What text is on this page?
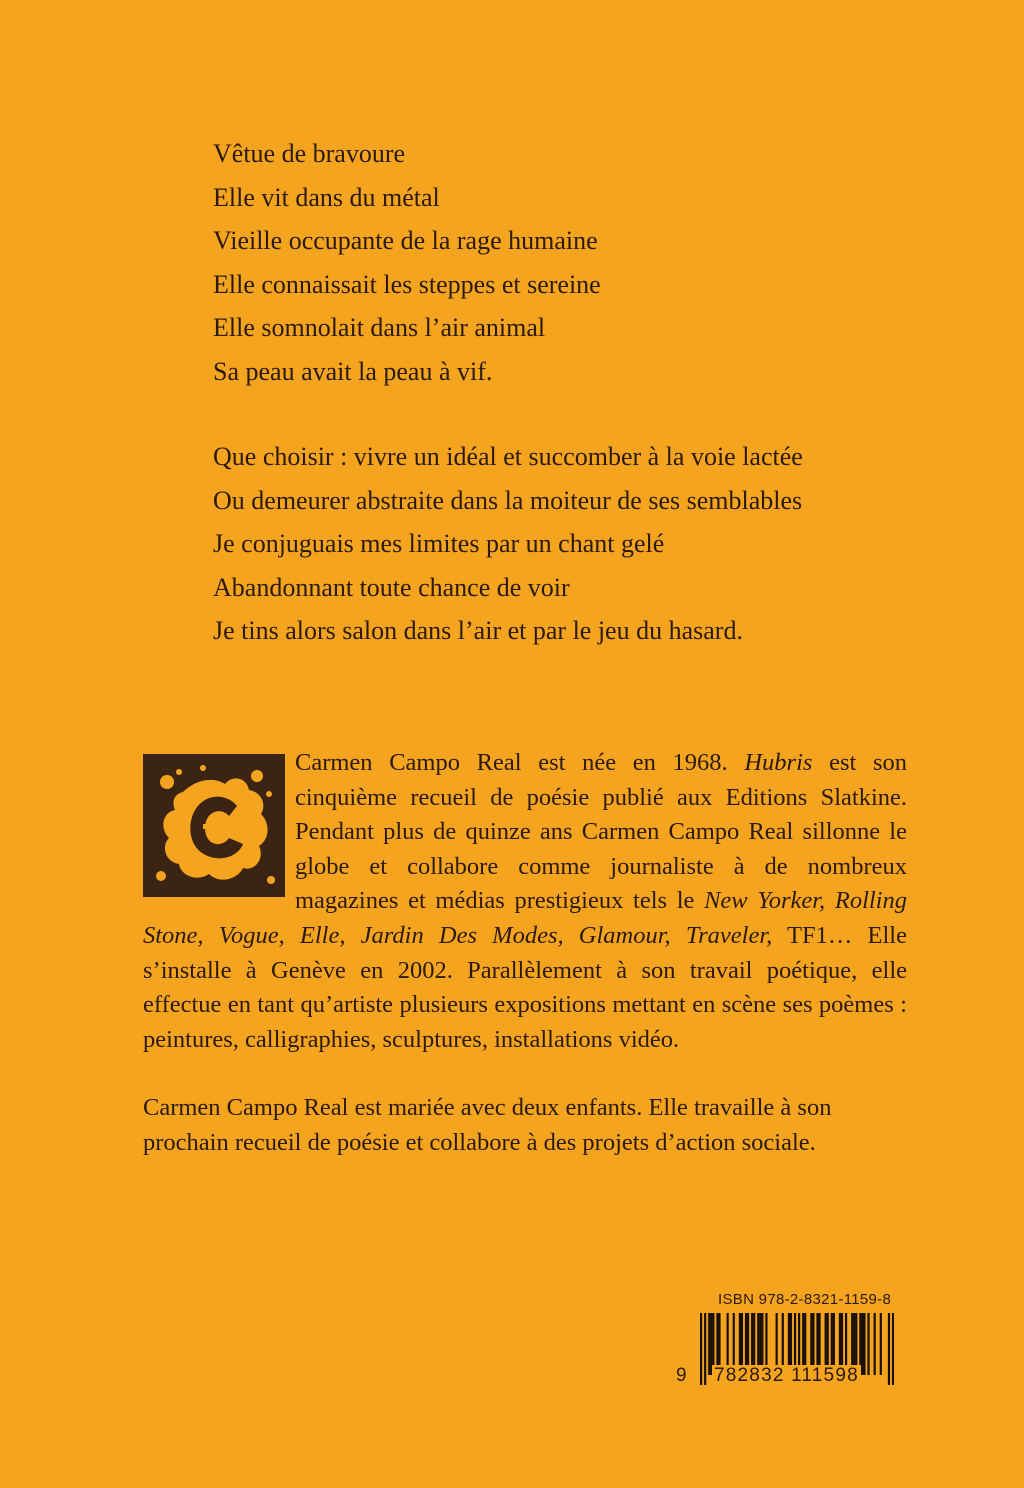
Vêtue de bravoure
Elle vit dans du métal
Vieille occupante de la rage humaine
Elle connaissait les steppes et sereine
Elle somnolait dans l’air animal
Sa peau avait la peau à vif.
Que choisir : vivre un idéal et succomber à la voie lactée
Ou demeurer abstraite dans la moiteur de ses semblables
Je conjuguais mes limites par un chant gelé
Abandonnant toute chance de voir
Je tins alors salon dans l’air et par le jeu du hasard.

Carmen Campo Real est née en 1968. Hubris est son cinquième recueil de poésie publié aux Editions Slatkine. Pendant plus de quinze ans Carmen Campo Real sillonne le globe et collabore comme journaliste à de nombreux magazines et médias prestigieux tels le New Yorker, Rolling Stone, Vogue, Elle, Jardin Des Modes, Glamour, Traveler, TF1… Elle s’installe à Genève en 2002. Parallèlement à son travail poétique, elle effectue en tant qu’artiste plusieurs expositions mettant en scène ses poèmes : peintures, calligraphies, sculptures, installations vidéo.

Carmen Campo Real est mariée avec deux enfants. Elle travaille à son prochain recueil de poésie et collabore à des projets d’action sociale.

ISBN 978-2-8321-1159-8
9 782832 111598
